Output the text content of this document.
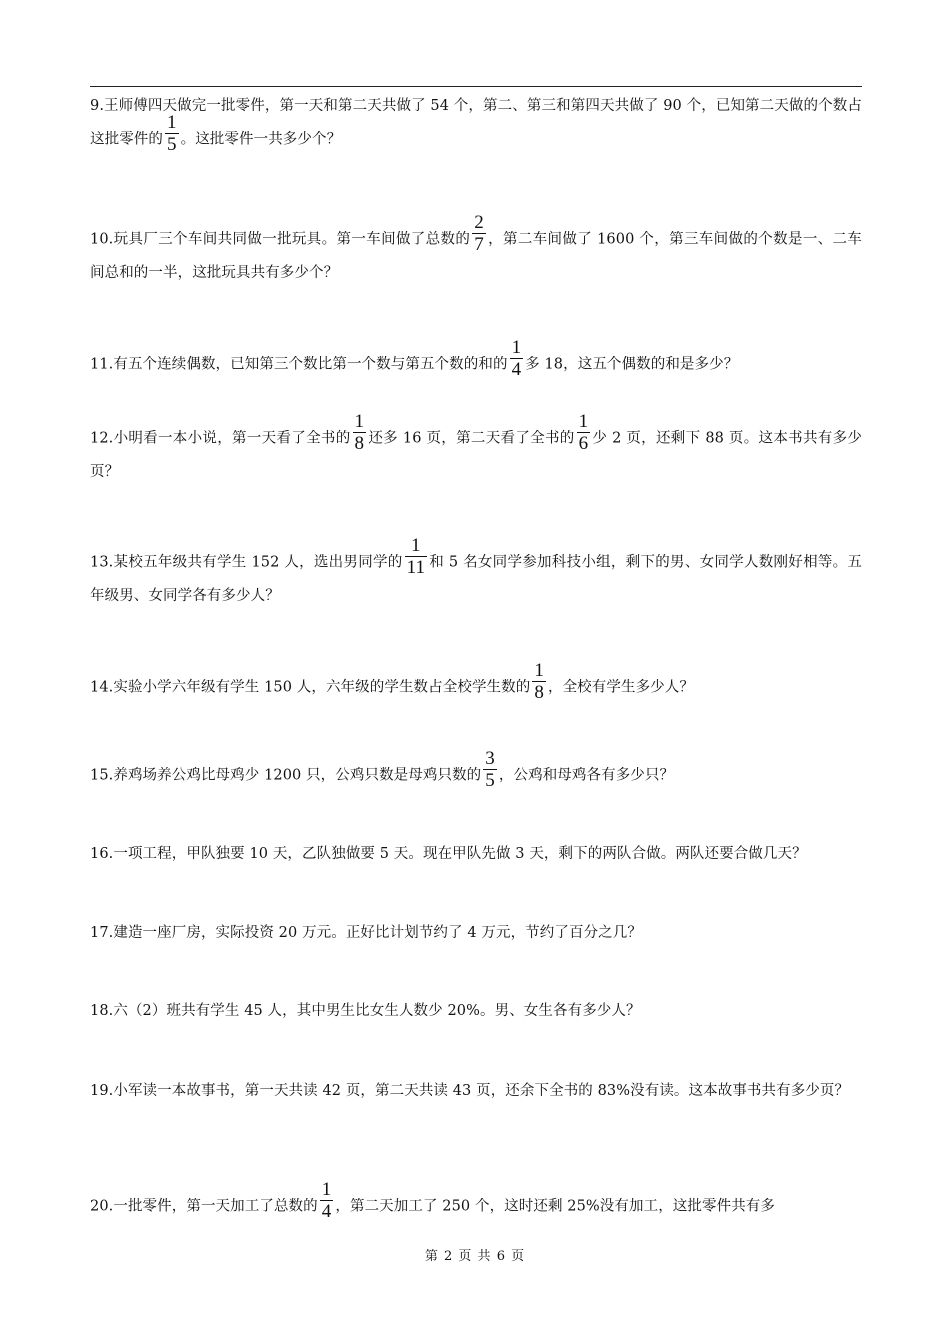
9.王师傅四天做完一批零件，第一天和第二天共做了 54 个，第二、第三和第四天共做了 90 个，已知第二天做的个数占这批零件的 $\frac{1}{5}$ 。这批零件一共多少个？
10.玩具厂三个车间共同做一批玩具。第一车间做了总数的 $\frac{2}{7}$ ，第二车间做了 1600 个，第三车间做的个数是一、二车间总和的一半，这批玩具共有多少个？
11.有五个连续偶数，已知第三个数比第一个数与第五个数的和的 $\frac{1}{4}$ 多 18，这五个偶数的和是多少？
12.小明看一本小说，第一天看了全书的 $\frac{1}{8}$ 还多 16 页，第二天看了全书的 $\frac{1}{6}$ 少 2 页，还剩下 88 页。这本书共有多少页？
13.某校五年级共有学生 152 人，选出男同学的 $\frac{1}{11}$ 和 5 名女同学参加科技小组，剩下的男、女同学人数刚好相等。五年级男、女同学各有多少人？
14.实验小学六年级有学生 150 人，六年级的学生数占全校学生数的 $\frac{1}{8}$ ，全校有学生多少人？
15.养鸡场养公鸡比母鸡少 1200 只，公鸡只数是母鸡只数的 $\frac{3}{5}$ ，公鸡和母鸡各有多少只？
16.一项工程，甲队独要 10 天，乙队独做要 5 天。现在甲队先做 3 天，剩下的两队合做。两队还要合做几天？
17.建造一座厂房，实际投资 20 万元。正好比计划节约了 4 万元，节约了百分之几？
18.六（2）班共有学生 45 人，其中男生比女生人数少 20%。男、女生各有多少人？
19.小军读一本故事书，第一天共读 42 页，第二天共读 43 页，还余下全书的 83%没有读。这本故事书共有多少页？
20.一批零件，第一天加工了总数的 $\frac{1}{4}$ ，第二天加工了 250 个，这时还剩 25%没有加工，这批零件共有多
第 2 页 共 6 页
